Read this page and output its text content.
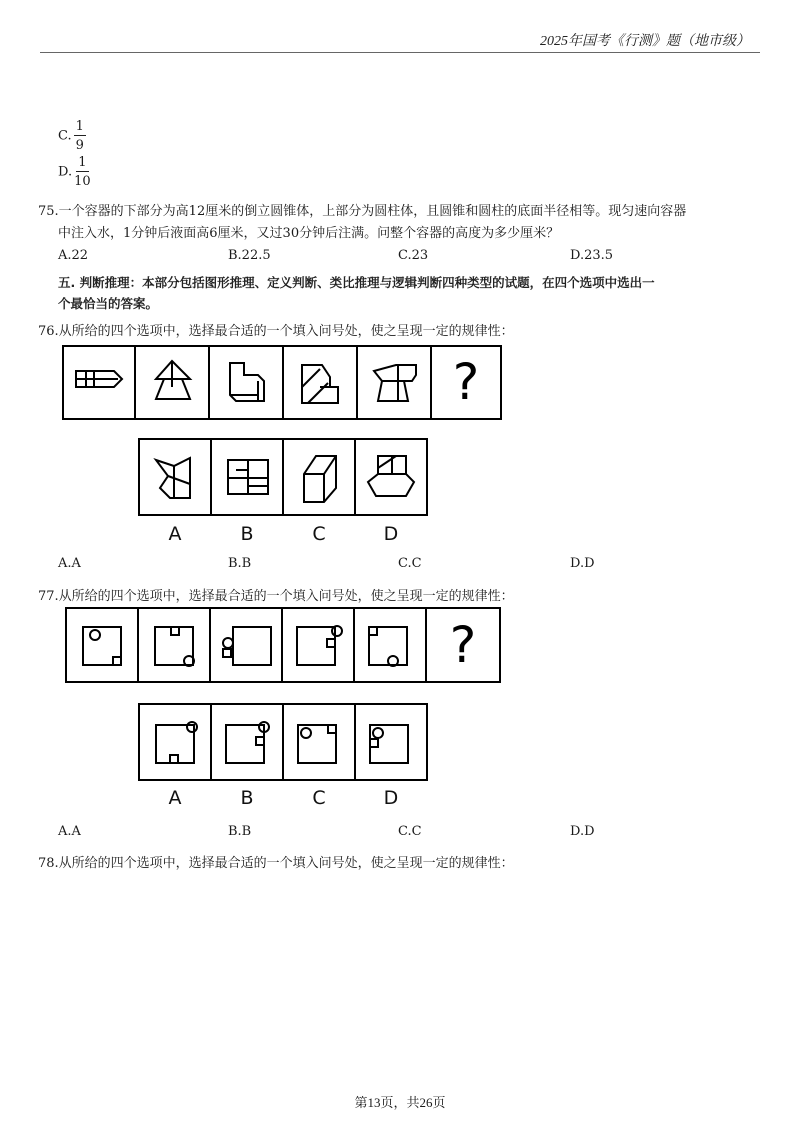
2025年国考《行测》题（地市级）
C. $\frac{1}{9}$
D. $\frac{1}{10}$
75.一个容器的下部分为高12厘米的倒立圆锥体，上部分为圆柱体，且圆锥和圆柱的底面半径相等。现匀速向容器
中注入水，1分钟后液面高6厘米，又过30分钟后注满。问整个容器的高度为多少厘米？
A.22	B.22.5	C.23	D.23.5
五. 判断推理：本部分包括图形推理、定义判断、类比推理与逻辑判断四种类型的试题，在四个选项中选出一
个最恰当的答案。
76.从所给的四个选项中，选择最合适的一个填入问号处，使之呈现一定的规律性：
?
A	B	C	D
A.A	B.B	C.C	D.D
77.从所给的四个选项中，选择最合适的一个填入问号处，使之呈现一定的规律性：
?
A	B	C	D
A.A	B.B	C.C	D.D
78.从所给的四个选项中，选择最合适的一个填入问号处，使之呈现一定的规律性：
第13页，共26页
